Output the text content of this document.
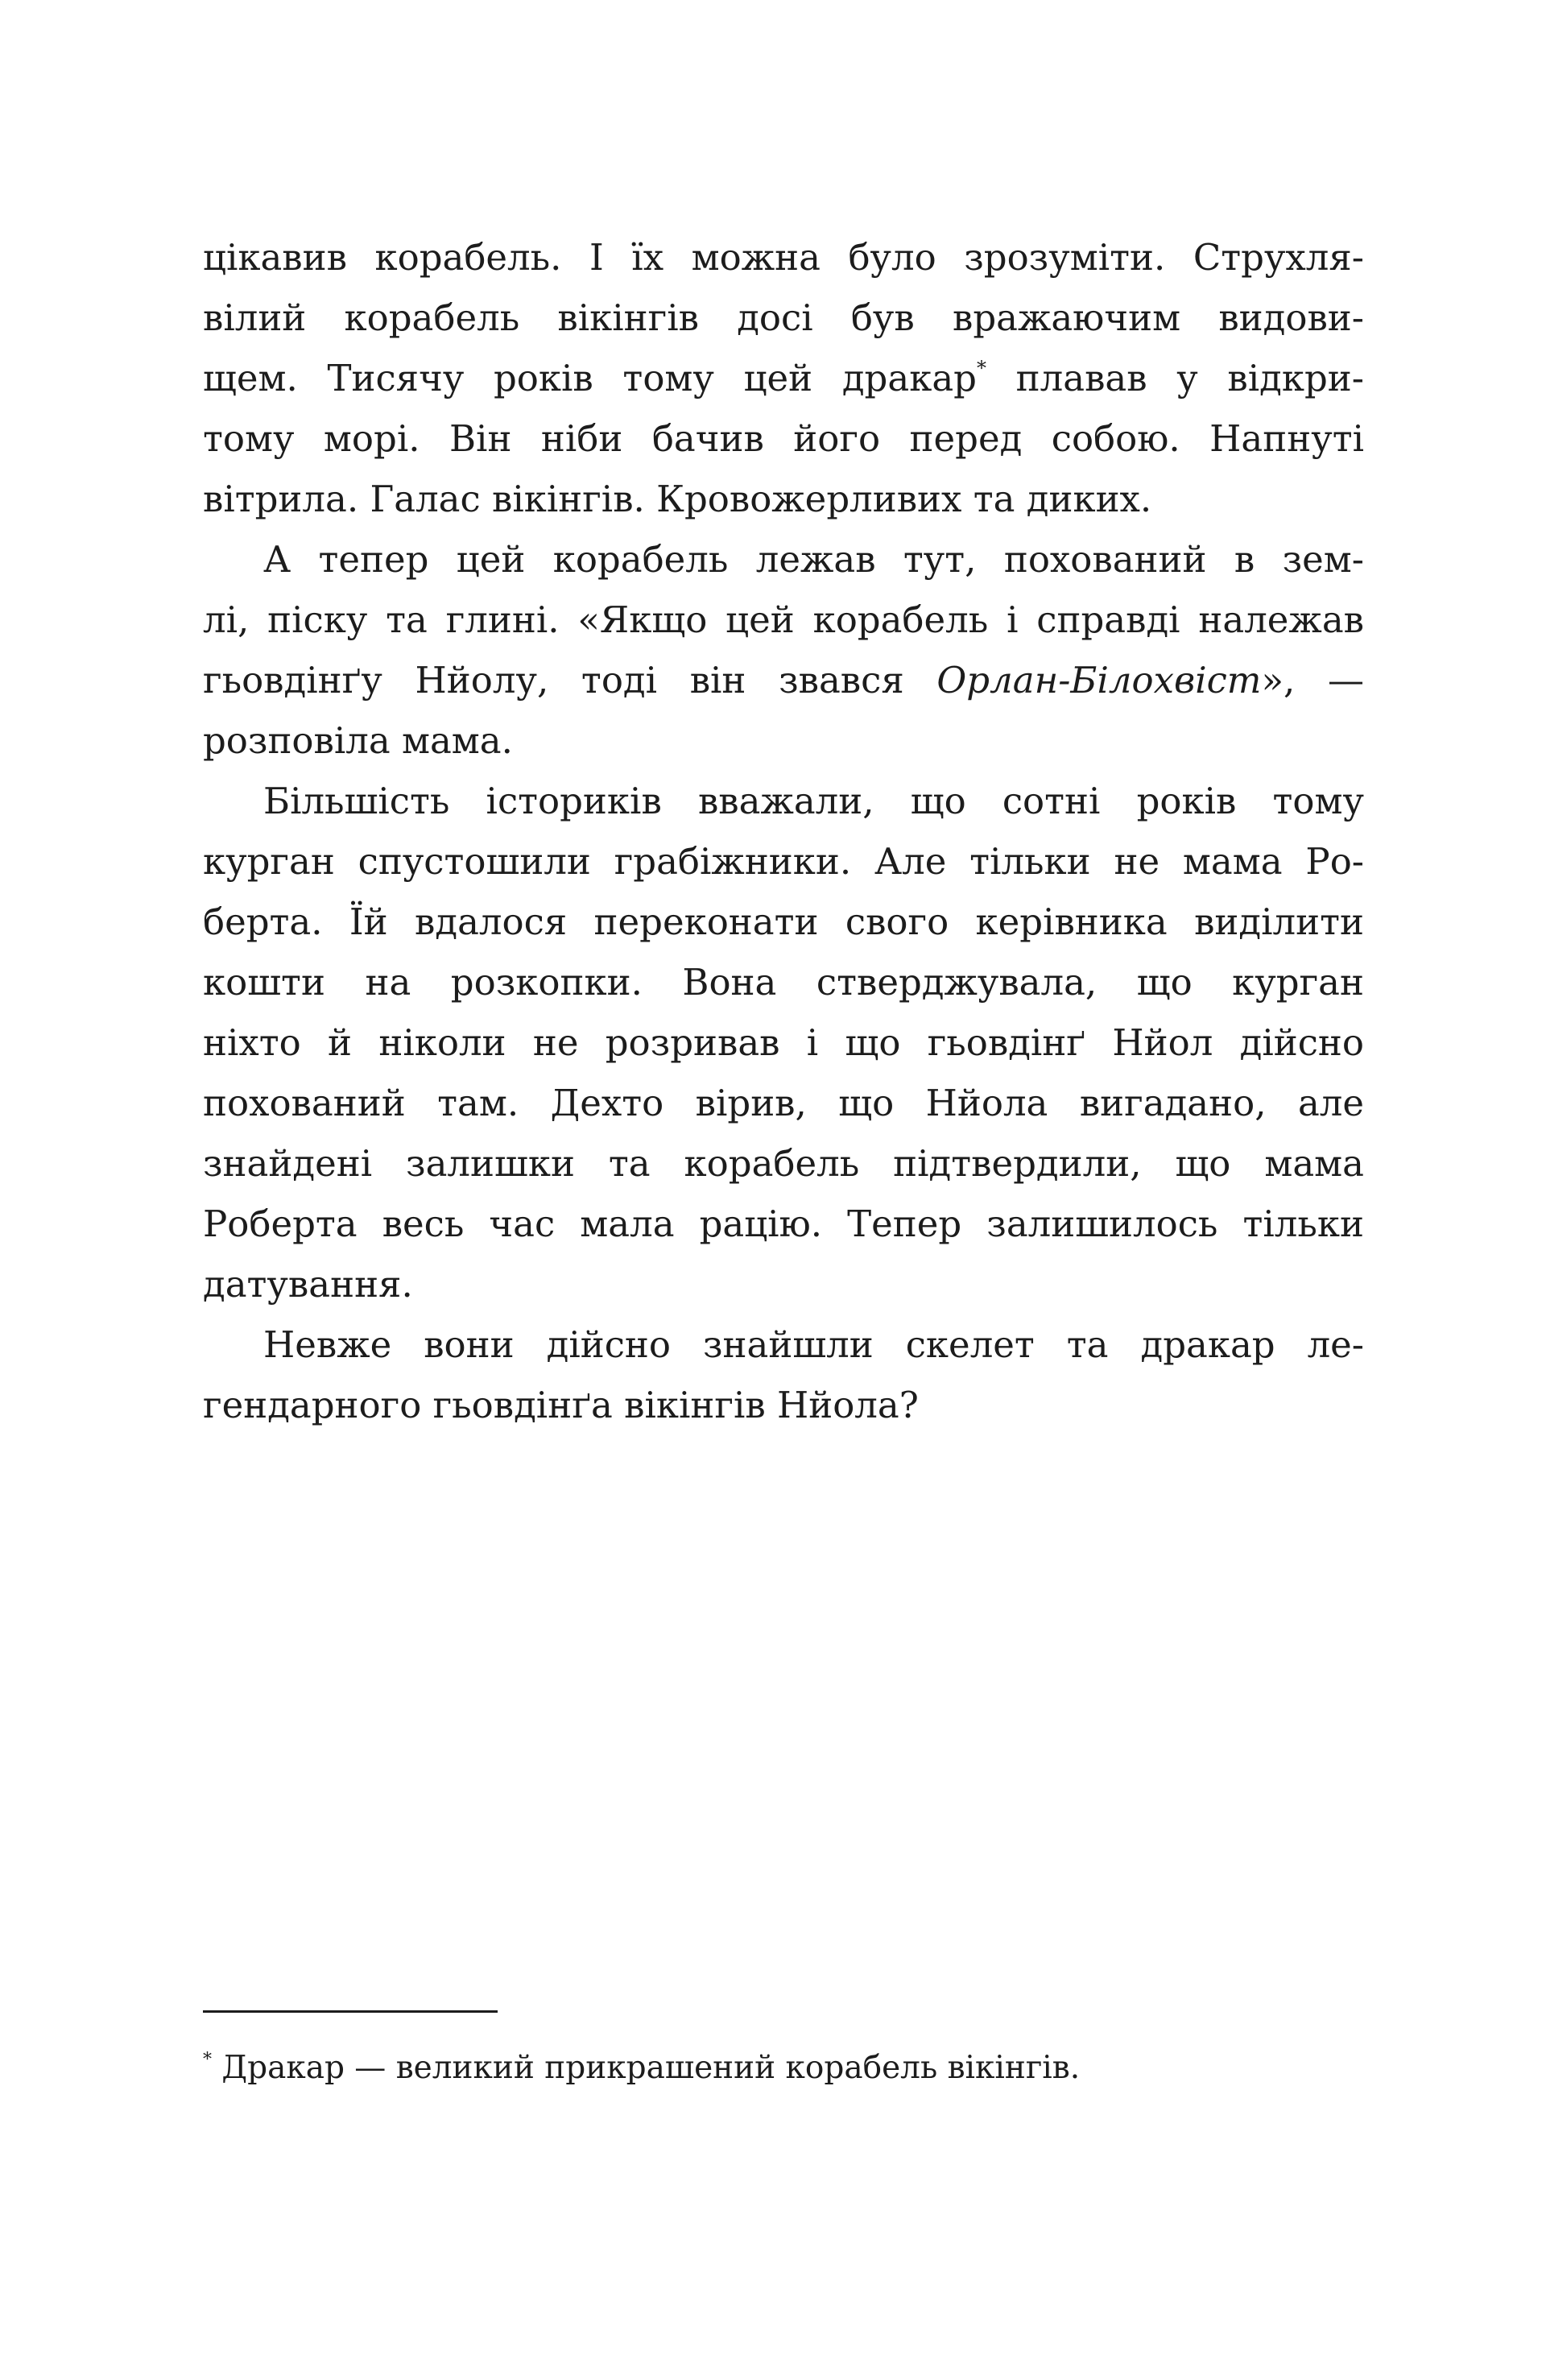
цікавив корабель. І їх можна було зрозуміти. Струхля-
вілий корабель вікінгів досі був вражаючим видови-
щем. Тисячу років тому цей дракар* плавав у відкри-
тому морі. Він ніби бачив його перед собою. Напнуті
вітрила. Галас вікінгів. Кровожерливих та диких.
А тепер цей корабель лежав тут, похований в зем-
лі, піску та глині. «Якщо цей корабель і справді належав
гьовдінґу Нйолу, тоді він звався Орлан-Білохвіст», —
розповіла мама.
Більшість істориків вважали, що сотні років тому
курган спустошили грабіжники. Але тільки не мама Ро-
берта. Їй вдалося переконати свого керівника виділити
кошти на розкопки. Вона стверджувала, що курган
ніхто й ніколи не розривав і що гьовдінґ Нйол дійсно
похований там. Дехто вірив, що Нйола вигадано, але
знайдені залишки та корабель підтвердили, що мама
Роберта весь час мала рацію. Тепер залишилось тільки
датування.
Невже вони дійсно знайшли скелет та дракар ле-
гендарного гьовдінґа вікінгів Нйола?
* Дракар — великий прикрашений корабель вікінгів.
